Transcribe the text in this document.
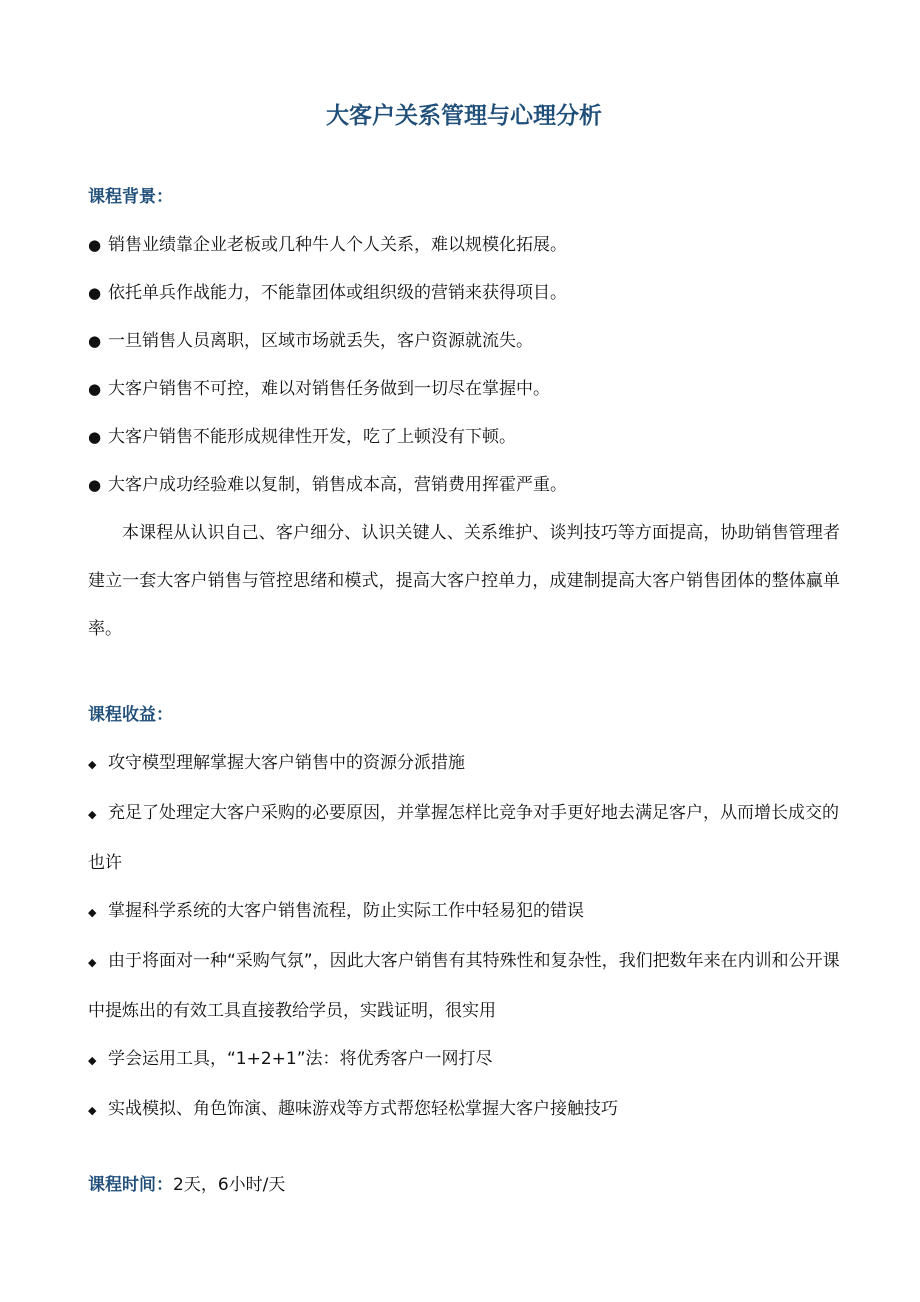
大客户关系管理与心理分析
课程背景：
● 销售业绩靠企业老板或几种牛人个人关系，难以规模化拓展。
● 依托单兵作战能力，不能靠团体或组织级的营销来获得项目。
● 一旦销售人员离职，区域市场就丢失，客户资源就流失。
● 大客户销售不可控，难以对销售任务做到一切尽在掌握中。
● 大客户销售不能形成规律性开发，吃了上顿没有下顿。
● 大客户成功经验难以复制，销售成本高，营销费用挥霍严重。
本课程从认识自己、客户细分、认识关键人、关系维护、谈判技巧等方面提高，协助销售管理者建立一套大客户销售与管控思绪和模式，提高大客户控单力，成建制提高大客户销售团体的整体赢单率。
课程收益：
◆ 攻守模型理解掌握大客户销售中的资源分派措施
◆ 充足了处理定大客户采购的必要原因，并掌握怎样比竞争对手更好地去满足客户，从而增长成交的也许
◆ 掌握科学系统的大客户销售流程，防止实际工作中轻易犯的错误
◆ 由于将面对一种“采购气氛”，因此大客户销售有其特殊性和复杂性，我们把数年来在内训和公开课中提炼出的有效工具直接教给学员，实践证明，很实用
◆ 学会运用工具，“1+2+1”法：将优秀客户一网打尽
◆ 实战模拟、角色饰演、趣味游戏等方式帮您轻松掌握大客户接触技巧
课程时间：2天，6小时/天
